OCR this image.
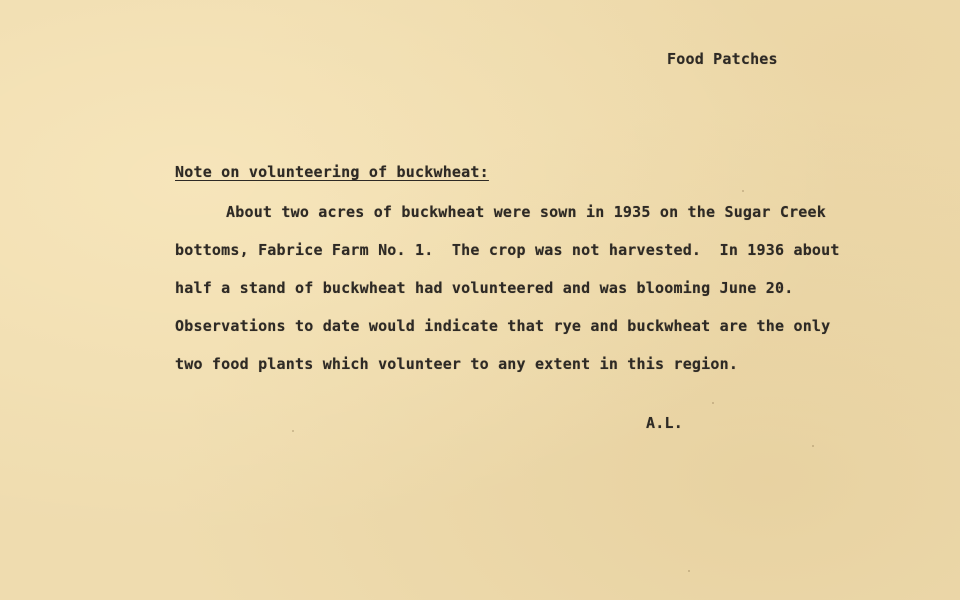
Food Patches
Note on volunteering of buckwheat:
About two acres of buckwheat were sown in 1935 on the Sugar Creek
bottoms, Fabrice Farm No. 1.  The crop was not harvested.  In 1936 about
half a stand of buckwheat had volunteered and was blooming June 20.
Observations to date would indicate that rye and buckwheat are the only
two food plants which volunteer to any extent in this region.
A.L.
